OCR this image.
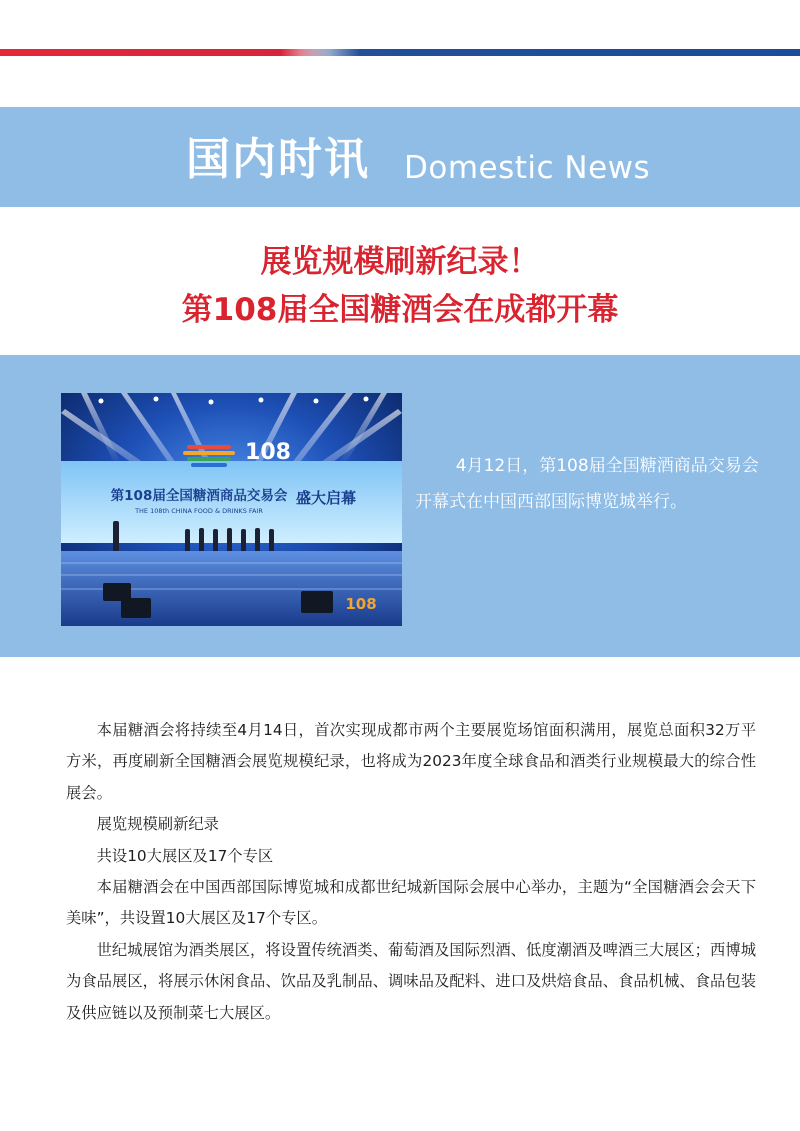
国内时讯 Domestic News
展览规模刷新纪录！
第108届全国糖酒会在成都开幕
108
第108届全国糖酒商品交易会
THE 108th CHINA FOOD & DRINKS FAIR
盛大启幕
108

4月12日，第108届全国糖酒商品交易会开幕式在中国西部国际博览城举行。

本届糖酒会将持续至4月14日，首次实现成都市两个主要展览场馆面积满用，展览总面积32万平方米，再度刷新全国糖酒会展览规模纪录，也将成为2023年度全球食品和酒类行业规模最大的综合性展会。

展览规模刷新纪录

共设10大展区及17个专区

本届糖酒会在中国西部国际博览城和成都世纪城新国际会展中心举办，主题为“全国糖酒会会天下美味”，共设置10大展区及17个专区。

世纪城展馆为酒类展区，将设置传统酒类、葡萄酒及国际烈酒、低度潮酒及啤酒三大展区；西博城为食品展区，将展示休闲食品、饮品及乳制品、调味品及配料、进口及烘焙食品、食品机械、食品包装及供应链以及预制菜七大展区。
